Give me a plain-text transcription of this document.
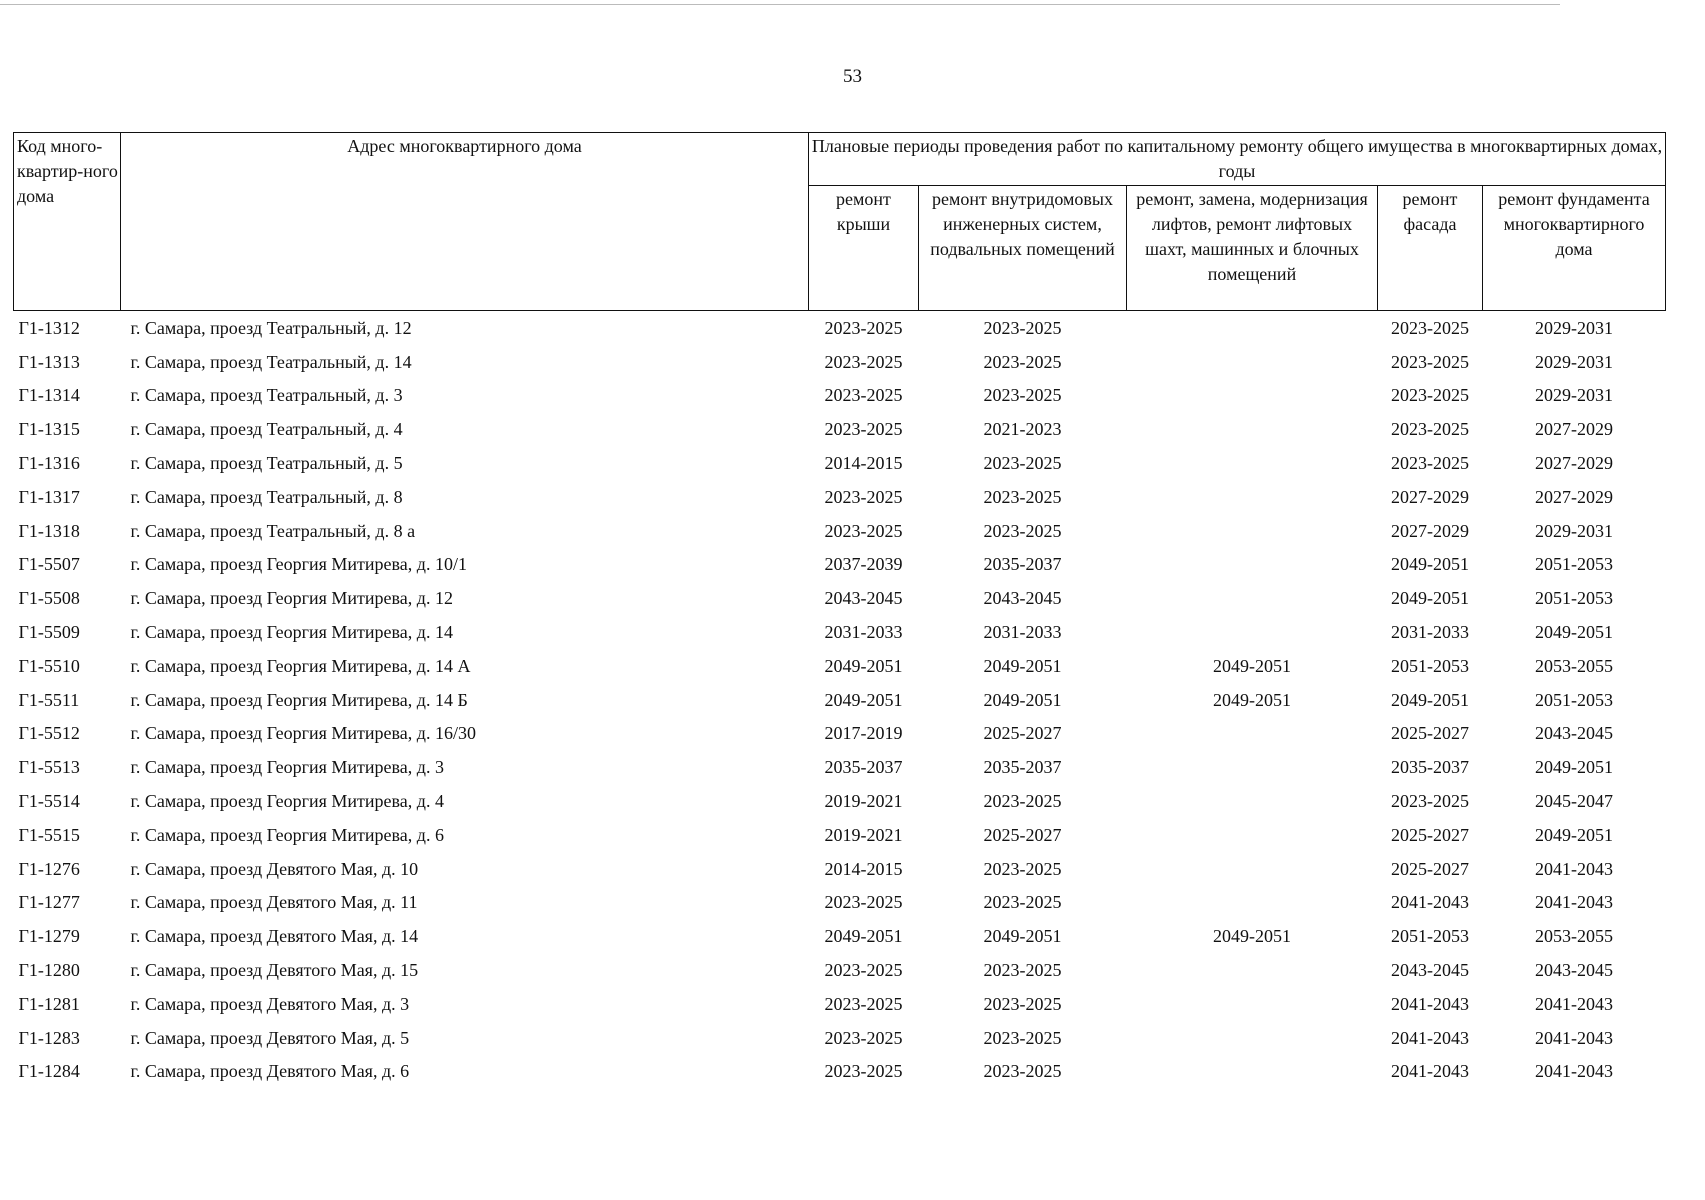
53
Код много-квартир-ного дома	Адрес многоквартирного дома	Плановые периоды проведения работ по капитальному ремонту общего имущества в многоквартирных домах, годы				
		ремонт крыши	ремонт внутридомовых инженерных систем, подвальных помещений	ремонт, замена, модернизация лифтов, ремонт лифтовых шахт, машинных и блочных помещений	ремонт фасада	ремонт фундамента многоквартирного дома
Г1-1312	г. Самара, проезд Театральный, д. 12	2023-2025	2023-2025		2023-2025	2029-2031
Г1-1313	г. Самара, проезд Театральный, д. 14	2023-2025	2023-2025		2023-2025	2029-2031
Г1-1314	г. Самара, проезд Театральный, д. 3	2023-2025	2023-2025		2023-2025	2029-2031
Г1-1315	г. Самара, проезд Театральный, д. 4	2023-2025	2021-2023		2023-2025	2027-2029
Г1-1316	г. Самара, проезд Театральный, д. 5	2014-2015	2023-2025		2023-2025	2027-2029
Г1-1317	г. Самара, проезд Театральный, д. 8	2023-2025	2023-2025		2027-2029	2027-2029
Г1-1318	г. Самара, проезд Театральный, д. 8 а	2023-2025	2023-2025		2027-2029	2029-2031
Г1-5507	г. Самара, проезд Георгия Митирева, д. 10/1	2037-2039	2035-2037		2049-2051	2051-2053
Г1-5508	г. Самара, проезд Георгия Митирева, д. 12	2043-2045	2043-2045		2049-2051	2051-2053
Г1-5509	г. Самара, проезд Георгия Митирева, д. 14	2031-2033	2031-2033		2031-2033	2049-2051
Г1-5510	г. Самара, проезд Георгия Митирева, д. 14 А	2049-2051	2049-2051	2049-2051	2051-2053	2053-2055
Г1-5511	г. Самара, проезд Георгия Митирева, д. 14 Б	2049-2051	2049-2051	2049-2051	2049-2051	2051-2053
Г1-5512	г. Самара, проезд Георгия Митирева, д. 16/30	2017-2019	2025-2027		2025-2027	2043-2045
Г1-5513	г. Самара, проезд Георгия Митирева, д. 3	2035-2037	2035-2037		2035-2037	2049-2051
Г1-5514	г. Самара, проезд Георгия Митирева, д. 4	2019-2021	2023-2025		2023-2025	2045-2047
Г1-5515	г. Самара, проезд Георгия Митирева, д. 6	2019-2021	2025-2027		2025-2027	2049-2051
Г1-1276	г. Самара, проезд Девятого Мая, д. 10	2014-2015	2023-2025		2025-2027	2041-2043
Г1-1277	г. Самара, проезд Девятого Мая, д. 11	2023-2025	2023-2025		2041-2043	2041-2043
Г1-1279	г. Самара, проезд Девятого Мая, д. 14	2049-2051	2049-2051	2049-2051	2051-2053	2053-2055
Г1-1280	г. Самара, проезд Девятого Мая, д. 15	2023-2025	2023-2025		2043-2045	2043-2045
Г1-1281	г. Самара, проезд Девятого Мая, д. 3	2023-2025	2023-2025		2041-2043	2041-2043
Г1-1283	г. Самара, проезд Девятого Мая, д. 5	2023-2025	2023-2025		2041-2043	2041-2043
Г1-1284	г. Самара, проезд Девятого Мая, д. 6	2023-2025	2023-2025		2041-2043	2041-2043
